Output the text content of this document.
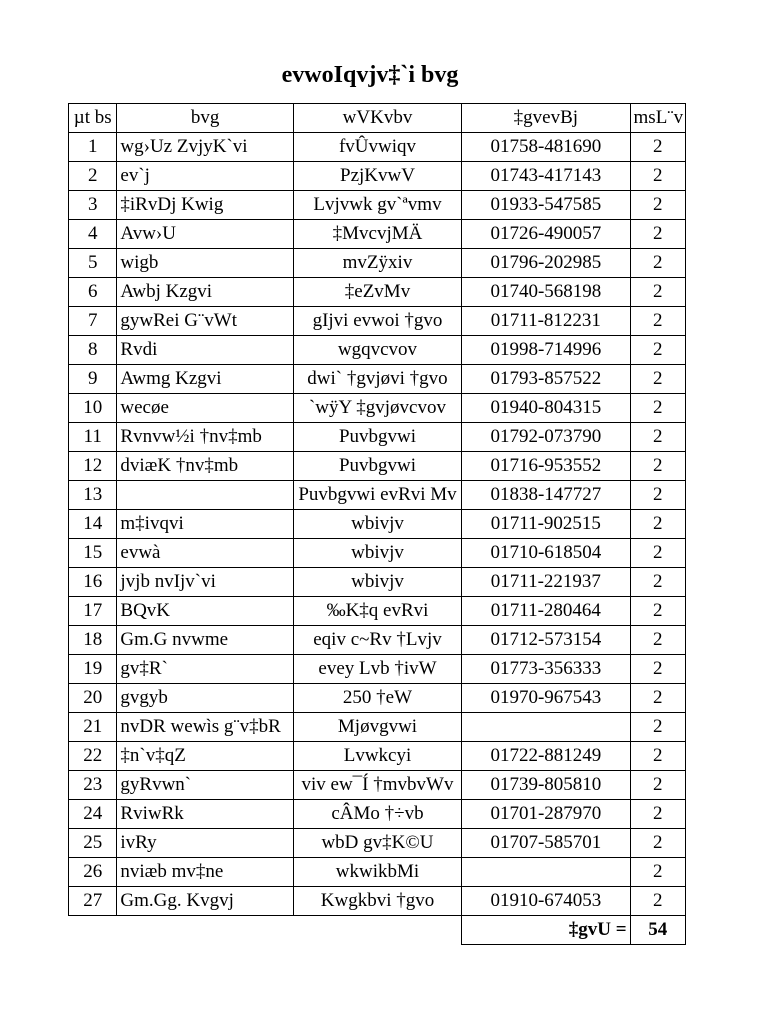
evwoIqvjv‡`i bvg
µt bs	bvg	wVKvbv	‡gvevBj	msL¨v
1	wg›Uz ZvjyK`vi	fvÛvwiqv	01758-481690	2
2	ev`j	PzjKvwV	01743-417143	2
3	‡iRvDj Kwig	Lvjvwk gv`ªvmv	01933-547585	2
4	Avw›U	‡MvcvjMÄ	01726-490057	2
5	wigb	mvZÿxiv	01796-202985	2
6	Awbj Kzgvi	‡eZvMv	01740-568198	2
7	gywRei G¨vWt	gIjvi evwoi †gvo	01711-812231	2
8	Rvdi	wgqvcvov	01998-714996	2
9	Awmg Kzgvi	dwi` †gvjøvi †gvo	01793-857522	2
10	wecøe	`wÿY ‡gvjøvcvov	01940-804315	2
11	Rvnvw½i †nv‡mb	Puvbgvwi	01792-073790	2
12	dviæK †nv‡mb	Puvbgvwi	01716-953552	2
13		Puvbgvwi evRvi Mv	01838-147727	2
14	m‡ivqvi	wbivjv	01711-902515	2
15	evwà	wbivjv	01710-618504	2
16	jvjb nvIjv`vi	wbivjv	01711-221937	2
17	BQvK	‰K‡q evRvi	01711-280464	2
18	Gm.G nvwme	eqiv c~Rv †Lvjv	01712-573154	2
19	gv‡R`	evey Lvb †ivW	01773-356333	2
20	gvgyb	250 †eW	01970-967543	2
21	nvDR wewìs g¨v‡bR	Mjøvgvwi		2
22	‡n`v‡qZ	Lvwkcyi	01722-881249	2
23	gyRvwn`	viv ew¯Í †mvbvWv	01739-805810	2
24	RviwRk	cÂMo †÷vb	01701-287970	2
25	ivRy	wbD gv‡K©U	01707-585701	2
26	nviæb mv‡ne	wkwikbMi		2
27	Gm.Gg. Kvgvj	Kwgkbvi †gvo	01910-674053	2
			‡gvU =	54
